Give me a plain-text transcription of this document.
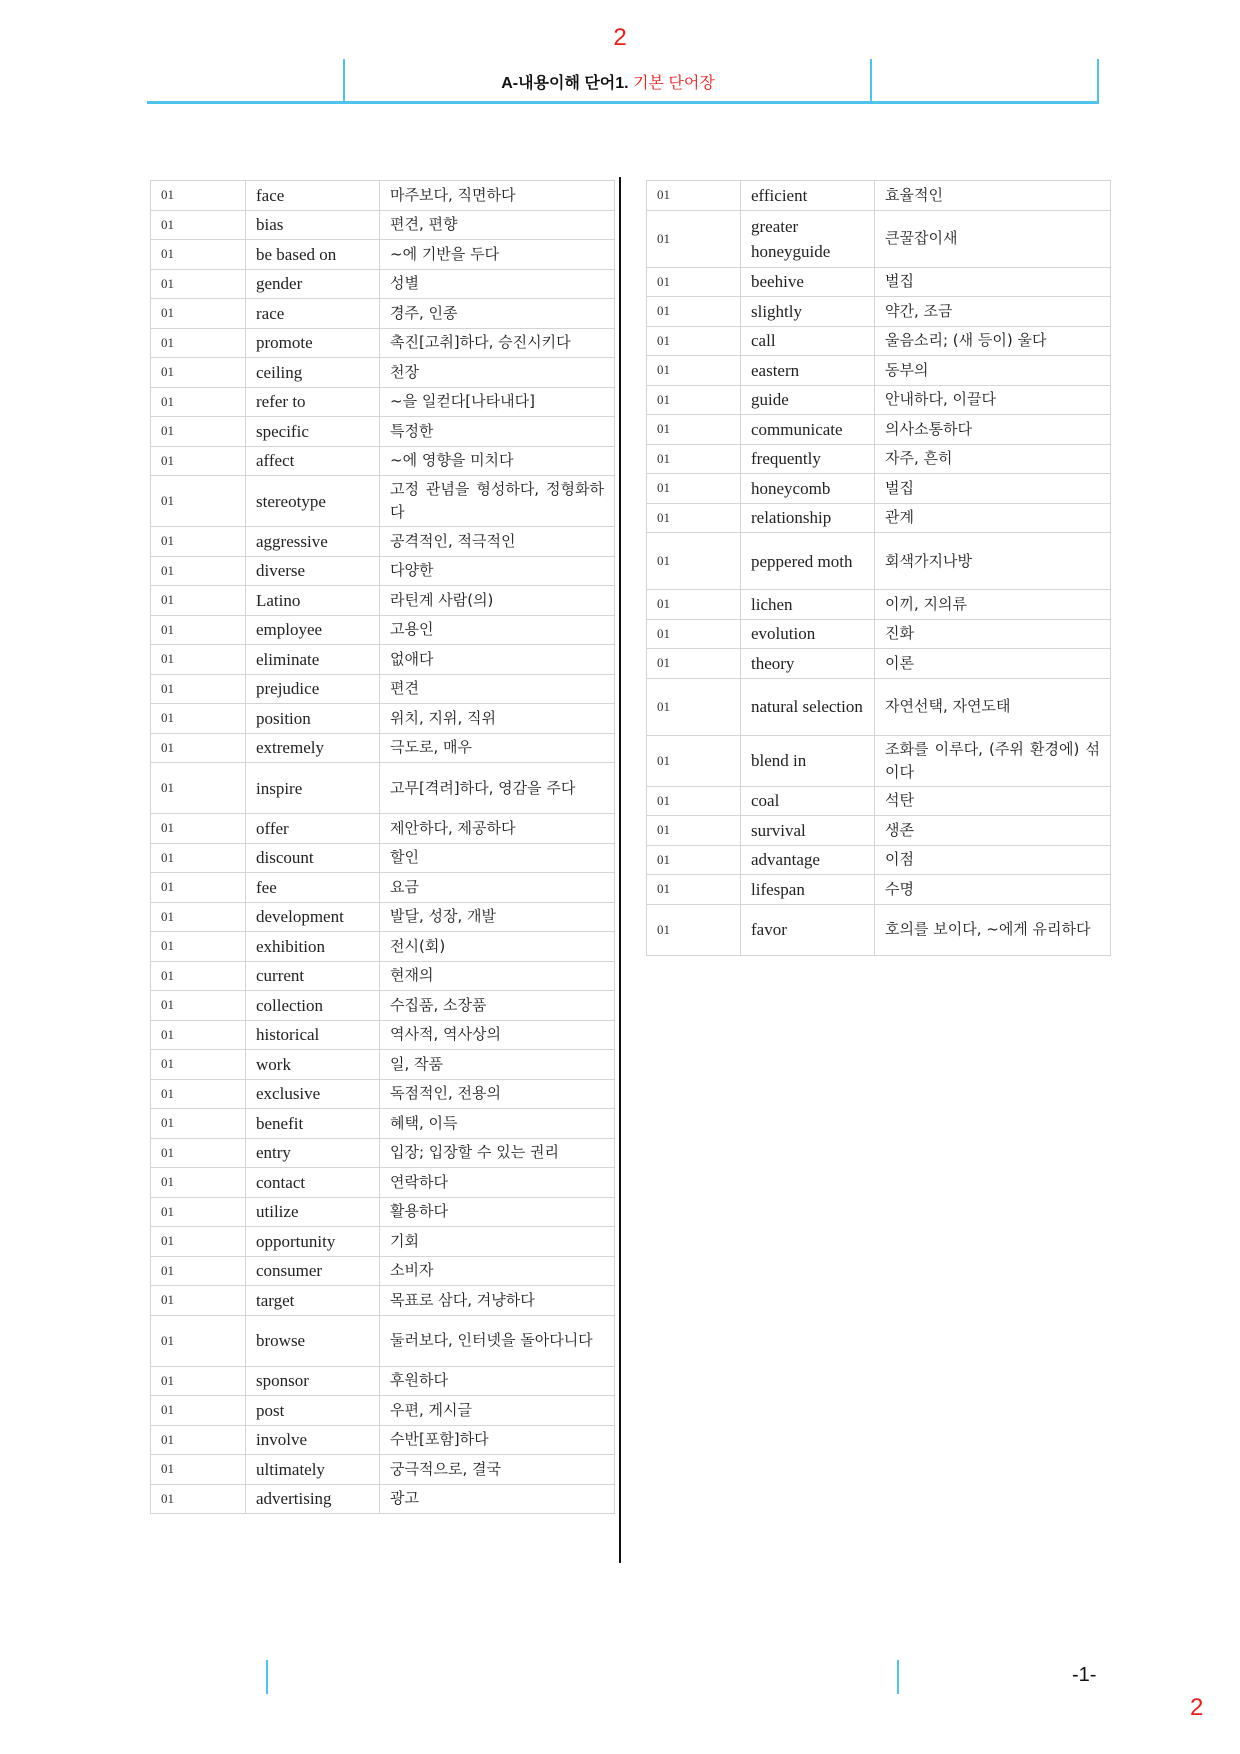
2
A-내용이해 단어1. 기본 단어장
01	face	마주보다, 직면하다
01	bias	편견, 편향
01	be based on	~에 기반을 두다
01	gender	성별
01	race	경주, 인종
01	promote	촉진[고취]하다, 승진시키다
01	ceiling	천장
01	refer to	~을 일컫다[나타내다]
01	specific	특정한
01	affect	~에 영향을 미치다
01	stereotype	고정 관념을 형성하다, 정형화하다
01	aggressive	공격적인, 적극적인
01	diverse	다양한
01	Latino	라틴계 사람(의)
01	employee	고용인
01	eliminate	없애다
01	prejudice	편견
01	position	위치, 지위, 직위
01	extremely	극도로, 매우
01	inspire	고무[격려]하다, 영감을 주다
01	offer	제안하다, 제공하다
01	discount	할인
01	fee	요금
01	development	발달, 성장, 개발
01	exhibition	전시(회)
01	current	현재의
01	collection	수집품, 소장품
01	historical	역사적, 역사상의
01	work	일, 작품
01	exclusive	독점적인, 전용의
01	benefit	혜택, 이득
01	entry	입장; 입장할 수 있는 권리
01	contact	연락하다
01	utilize	활용하다
01	opportunity	기회
01	consumer	소비자
01	target	목표로 삼다, 겨냥하다
01	browse	둘러보다, 인터넷을 돌아다니다
01	sponsor	후원하다
01	post	우편, 게시글
01	involve	수반[포함]하다
01	ultimately	궁극적으로, 결국
01	advertising	광고
01	efficient	효율적인
01	greater honeyguide	큰꿀잡이새
01	beehive	벌집
01	slightly	약간, 조금
01	call	울음소리; (새 등이) 울다
01	eastern	동부의
01	guide	안내하다, 이끌다
01	communicate	의사소통하다
01	frequently	자주, 흔히
01	honeycomb	벌집
01	relationship	관계
01	peppered moth	회색가지나방
01	lichen	이끼, 지의류
01	evolution	진화
01	theory	이론
01	natural selection	자연선택, 자연도태
01	blend in	조화를 이루다, (주위 환경에) 섞이다
01	coal	석탄
01	survival	생존
01	advantage	이점
01	lifespan	수명
01	favor	호의를 보이다, ~에게 유리하다
-1-
2
